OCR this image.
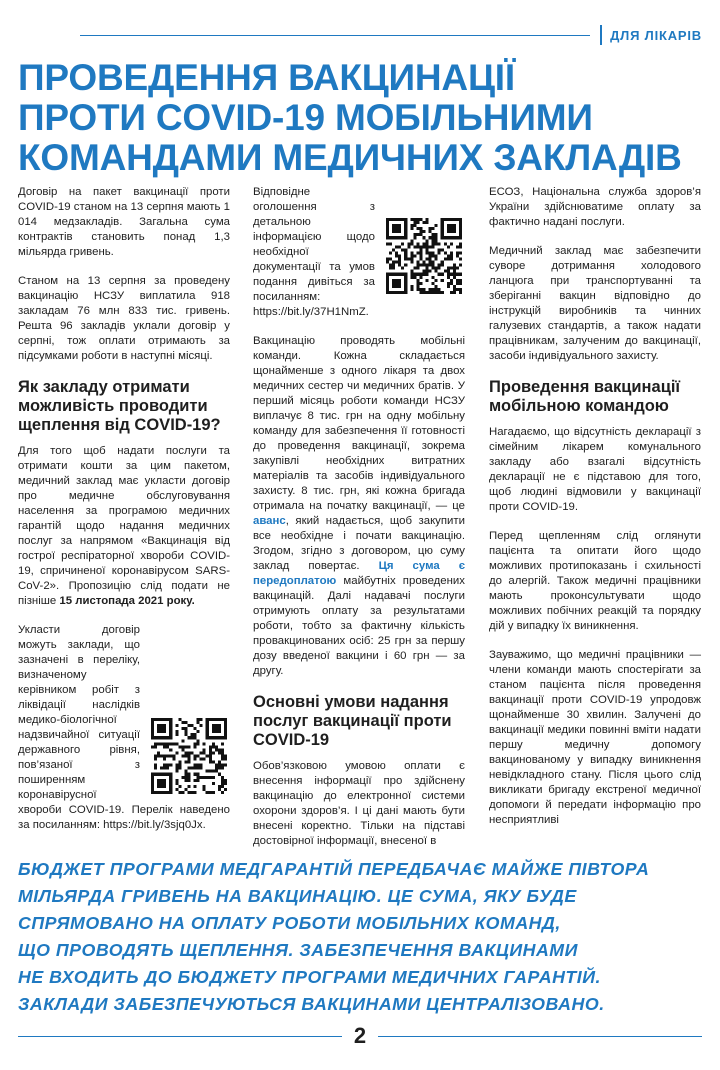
ДЛЯ ЛІКАРІВ
ПРОВЕДЕННЯ ВАКЦИНАЦІЇ
ПРОТИ COVID-19 МОБІЛЬНИМИ
КОМАНДАМИ МЕДИЧНИХ ЗАКЛАДІВ

Договір на пакет вакцинації проти COVID-19 станом на 13 серпня мають 1 014 медзакладів. Загальна сума контрактів становить понад 1,3 мільярда гривень.

Станом на 13 серпня за проведену вакцинацію НСЗУ виплатила 918 закладам 76 млн 833 тис. гривень. Решта 96 закладів уклали договір у серпні, тож оплати отримають за підсумками роботи в наступні місяці.

Як закладу отримати можливість проводити щеплення від COVID-19?

Для того щоб надати послуги та отримати кошти за цим пакетом, медичний заклад має укласти договір про медичне обслуговування населення за програмою медичних гарантій щодо надання медичних послуг за напрямом «Вакцинація від гострої респіраторної хвороби COVID-19, спричиненої коронавірусом SARS-CoV-2». Пропозицію слід подати не пізніше 15 листопада 2021 року.

Укласти договір можуть заклади, що зазначені в переліку, визначеному керівником робіт з ліквідації наслідків медико-біологічної надзвичайної ситуації державного рівня, пов’язаної з поширенням коронавірусної хвороби COVID-19. Перелік наведено за посиланням: https://bit.ly/3sjq0Jx.

Відповідне оголошення з детальною інформацією щодо необхідної документації та умов подання дивіться за посиланням: https://bit.ly/37H1NmZ.

Вакцинацію проводять мобільні команди. Кожна складається щонайменше з одного лікаря та двох медичних сестер чи медичних братів. У перший місяць роботи команди НСЗУ виплачує 8 тис. грн на одну мобільну команду для забезпечення її готовності до проведення вакцинації, зокрема закупівлі необхідних витратних матеріалів та засобів індивідуального захисту. 8 тис. грн, які кожна бригада отримала на початку вакцинації, — це аванс, який надається, щоб закупити все необхідне і почати вакцинацію. Згодом, згідно з договором, цю суму заклад повертає. Ця сума є передоплатою майбутніх проведених вакцинацій. Далі надавачі послуги отримують оплату за результатами роботи, тобто за фактичну кількість провакцинованих осіб: 25 грн за першу дозу введеної вакцини і 60 грн — за другу.

Основні умови надання послуг вакцинації проти COVID-19

Обов’язковою умовою оплати є внесення інформації про здійснену вакцинацію до електронної системи охорони здоров’я. І ці дані мають бути внесені коректно. Тільки на підставі достовірної інформації, внесеної в

ЕСОЗ, Національна служба здоров’я України здійснюватиме оплату за фактично надані послуги.

Медичний заклад має забезпечити суворе дотримання холодового ланцюга при транспортуванні та зберіганні вакцин відповідно до інструкцій виробників та чинних галузевих стандартів, а також надати працівникам, залученим до вакцинації, засоби індивідуального захисту.

Проведення вакцинації мобільною командою

Нагадаємо, що відсутність декларації з сімейним лікарем комунального закладу або взагалі відсутність декларації не є підставою для того, щоб людині відмовили у вакцинації проти COVID-19.

Перед щепленням слід оглянути пацієнта та опитати його щодо можливих протипоказань і схильності до алергій. Також медичні працівники мають проконсультувати щодо можливих побічних реакцій та порядку дій у випадку їх виникнення.

Зауважимо, що медичні працівники — члени команди мають спостерігати за станом пацієнта після проведення вакцинації проти COVID-19 упродовж щонайменше 30 хвилин. Залучені до вакцинації медики повинні вміти надати першу медичну допомогу вакцинованому у випадку виникнення невідкладного стану. Після цього слід викликати бригаду екстреної медичної допомоги й передати інформацію про несприятливі

БЮДЖЕТ ПРОГРАМИ МЕДГАРАНТІЙ ПЕРЕДБАЧАЄ МАЙЖЕ ПІВТОРА
МІЛЬЯРДА ГРИВЕНЬ НА ВАКЦИНАЦІЮ. ЦЕ СУМА, ЯКУ БУДЕ
СПРЯМОВАНО НА ОПЛАТУ РОБОТИ МОБІЛЬНИХ КОМАНД,
ЩО ПРОВОДЯТЬ ЩЕПЛЕННЯ. ЗАБЕЗПЕЧЕННЯ ВАКЦИНАМИ
НЕ ВХОДИТЬ ДО БЮДЖЕТУ ПРОГРАМИ МЕДИЧНИХ ГАРАНТІЙ.
ЗАКЛАДИ ЗАБЕЗПЕЧУЮТЬСЯ ВАКЦИНАМИ ЦЕНТРАЛІЗОВАНО.
2
